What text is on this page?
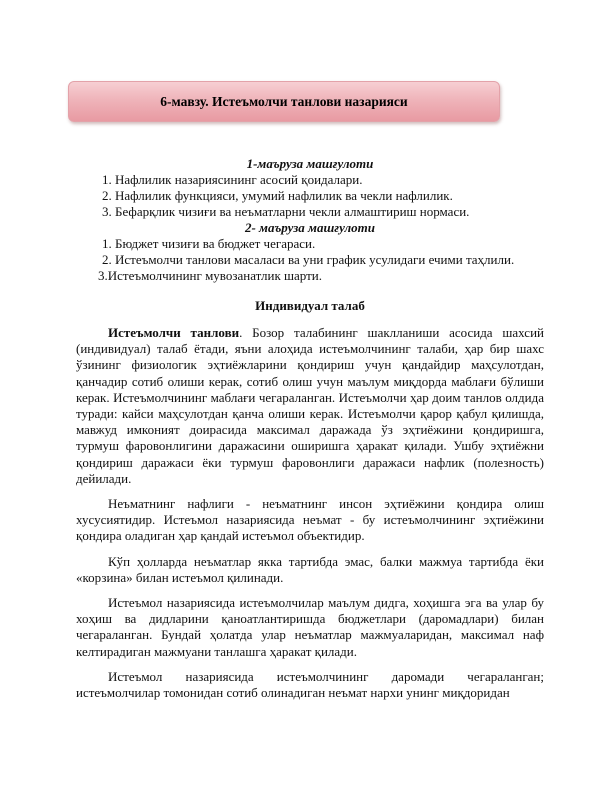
6-мавзу. Истеъмолчи танлови назарияси
1-маъруза машғулоти
1. Нафлилик назариясининг асосий қоидалари.
2. Нафлилик функцияси, умумий нафлилик ва чекли нафлилик.
3. Бефарқлик чизиғи ва неъматларни чекли алмаштириш нормаси.
2- маъруза машғулоти
1. Бюджет чизиғи ва бюджет чегараси.
2. Истеъмолчи танлови масаласи ва уни график усулидаги ечими таҳлили.
3.Истеъмолчининг мувозанатлик шарти.
Индивидуал талаб

Истеъмолчи танлови. Бозор талабининг шаклланиши асосида шахсий (индивидуал) талаб ётади, яъни алоҳида истеъмолчининг талаби, ҳар бир шахс ўзининг физиологик эҳтиёжларини қондириш учун қандайдир маҳсулотдан, қанчадир сотиб олиши керак, сотиб олиш учун маълум миқдорда маблағи бўлиши керак. Истеъмолчининг маблағи чегараланган. Истеъмолчи ҳар доим танлов олдида туради: кайси маҳсулотдан қанча олиши керак. Истеъмолчи қарор қабул қилишда, мавжуд имконият доирасида максимал даражада ўз эҳтиёжини қондиришга, турмуш фаровонлигини даражасини оширишга ҳаракат қилади. Ушбу эҳтиёжни қондириш даражаси ёки турмуш фаровонлиги даражаси нафлик (полезность) дейилади.

Неъматнинг нафлиги - неъматнинг инсон эҳтиёжини қондира олиш хусусиятидир. Истеъмол назариясида неъмат - бу истеъмолчининг эҳтиёжини қондира оладиган ҳар қандай истеъмол объектидир.

Кўп ҳолларда неъматлар якка тартибда эмас, балки мажмуа тартибда ёки «корзина» билан истеъмол қилинади.

Истеъмол назариясида истеъмолчилар маълум дидга, хоҳишга эга ва улар бу хоҳиш ва дидларини қаноатлантиришда бюджетлари (даромадлари) билан чегараланган. Бундай ҳолатда улар неъматлар мажмуаларидан, максимал наф келтирадиган мажмуани танлашга ҳаракат қилади.

Истеъмол назариясида истеъмолчининг даромади чегараланган; истеъмолчилар томонидан сотиб олинадиган неъмат нархи унинг миқдоридан
